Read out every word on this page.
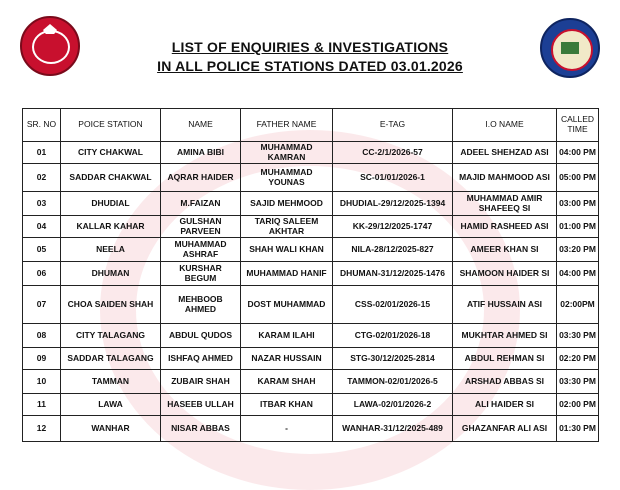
LIST OF ENQUIRIES & INVESTIGATIONS
IN ALL POLICE STATIONS DATED 03.01.2026
SR. NO	POICE STATION	NAME	FATHER NAME	E-TAG	I.O NAME	CALLED TIME
01	CITY CHAKWAL	AMINA BIBI	MUHAMMAD KAMRAN	CC-2/1/2026-57	ADEEL SHEHZAD ASI	04:00 PM
02	SADDAR CHAKWAL	AQRAR HAIDER	MUHAMMAD YOUNAS	SC-01/01/2026-1	MAJID MAHMOOD ASI	05:00 PM
03	DHUDIAL	M.FAIZAN	SAJID MEHMOOD	DHUDIAL-29/12/2025-1394	MUHAMMAD AMIR SHAFEEQ SI	03:00 PM
04	KALLAR KAHAR	GULSHAN PARVEEN	TARIQ SALEEM AKHTAR	KK-29/12/2025-1747	HAMID RASHEED ASI	01:00 PM
05	NEELA	MUHAMMAD ASHRAF	SHAH WALI KHAN	NILA-28/12/2025-827	AMEER KHAN SI	03:20 PM
06	DHUMAN	KURSHAR BEGUM	MUHAMMAD HANIF	DHUMAN-31/12/2025-1476	SHAMOON HAIDER SI	04:00 PM
07	CHOA SAIDEN SHAH	MEHBOOB AHMED	DOST MUHAMMAD	CSS-02/01/2026-15	ATIF HUSSAIN ASI	02:00PM
08	CITY TALAGANG	ABDUL QUDOS	KARAM ILAHI	CTG-02/01/2026-18	MUKHTAR AHMED SI	03:30 PM
09	SADDAR TALAGANG	ISHFAQ AHMED	NAZAR HUSSAIN	STG-30/12/2025-2814	ABDUL REHMAN SI	02:20 PM
10	TAMMAN	ZUBAIR SHAH	KARAM SHAH	TAMMON-02/01/2026-5	ARSHAD ABBAS SI	03:30 PM
11	LAWA	HASEEB ULLAH	ITBAR KHAN	LAWA-02/01/2026-2	ALI HAIDER SI	02:00 PM
12	WANHAR	NISAR ABBAS	-	WANHAR-31/12/2025-489	GHAZANFAR ALI ASI	01:30 PM
